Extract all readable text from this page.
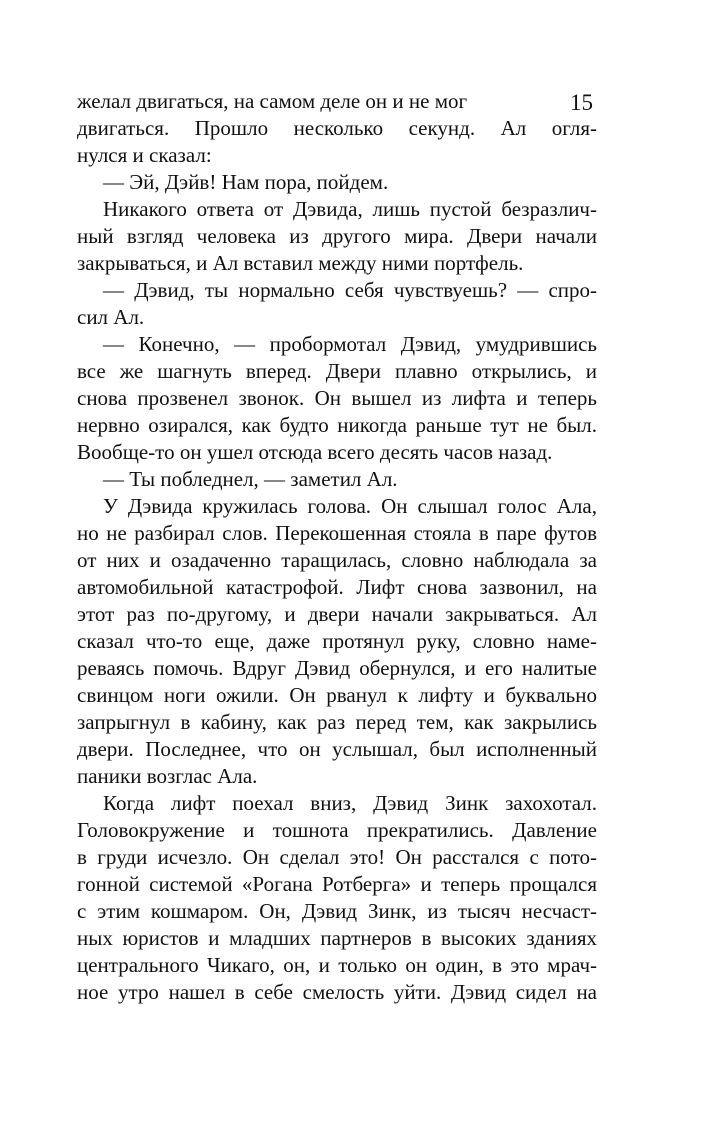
15
желал двигаться, на самом деле он и не мог
двигаться. Прошло несколько секунд. Ал огля-
нулся и сказал:
— Эй, Дэйв! Нам пора, пойдем.
Никакого ответа от Дэвида, лишь пустой безразлич-
ный взгляд человека из другого мира. Двери начали
закрываться, и Ал вставил между ними портфель.
— Дэвид, ты нормально себя чувствуешь? — спро-
сил Ал.
— Конечно, — пробормотал Дэвид, умудрившись
все же шагнуть вперед. Двери плавно открылись, и
снова прозвенел звонок. Он вышел из лифта и теперь
нервно озирался, как будто никогда раньше тут не был.
Вообще-то он ушел отсюда всего десять часов назад.
— Ты побледнел, — заметил Ал.
У Дэвида кружилась голова. Он слышал голос Ала,
но не разбирал слов. Перекошенная стояла в паре футов
от них и озадаченно таращилась, словно наблюдала за
автомобильной катастрофой. Лифт снова зазвонил, на
этот раз по-другому, и двери начали закрываться. Ал
сказал что-то еще, даже протянул руку, словно наме-
реваясь помочь. Вдруг Дэвид обернулся, и его налитые
свинцом ноги ожили. Он рванул к лифту и буквально
запрыгнул в кабину, как раз перед тем, как закрылись
двери. Последнее, что он услышал, был исполненный
паники возглас Ала.
Когда лифт поехал вниз, Дэвид Зинк захохотал.
Головокружение и тошнота прекратились. Давление
в груди исчезло. Он сделал это! Он расстался с пото-
гонной системой «Рогана Ротберга» и теперь прощался
с этим кошмаром. Он, Дэвид Зинк, из тысяч несчаст-
ных юристов и младших партнеров в высоких зданиях
центрального Чикаго, он, и только он один, в это мрач-
ное утро нашел в себе смелость уйти. Дэвид сидел на
